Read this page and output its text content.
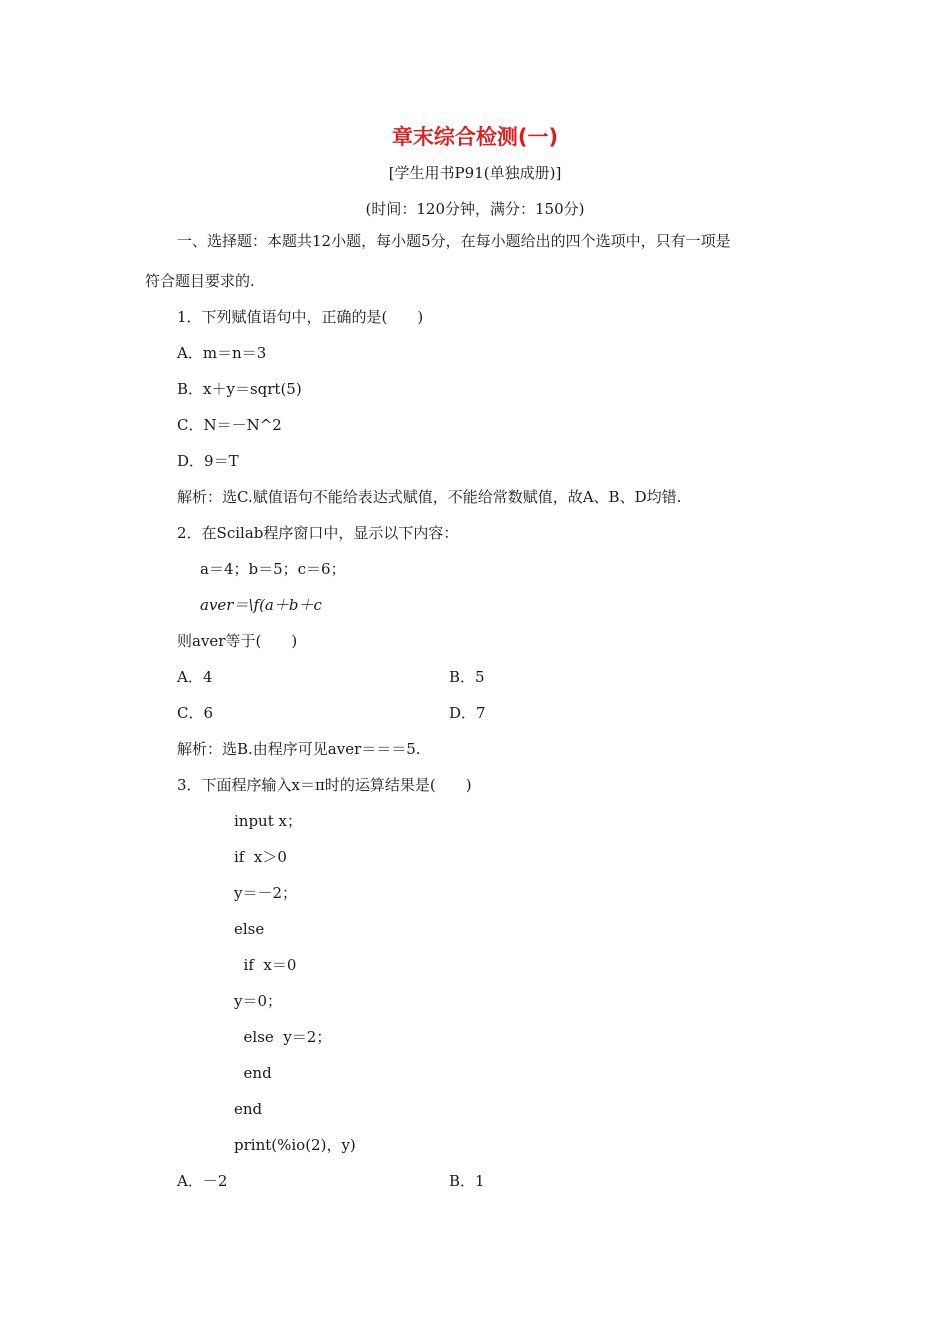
章末综合检测(一)
[学生用书P91(单独成册)]
(时间：120分钟，满分：150分)
一、选择题：本题共12小题，每小题5分，在每小题给出的四个选项中，只有一项是
符合题目要求的.
1．下列赋值语句中，正确的是(　　)
A．m＝n＝3
B．x＋y＝sqrt(5)
C．N＝－N^2
D．9＝T
解析：选C.赋值语句不能给表达式赋值，不能给常数赋值，故A、B、D均错.
2．在Scilab程序窗口中，显示以下内容：
a＝4；b＝5；c＝6；
aver＝\f(a＋b＋c
则aver等于(　　)
A．4	B．5
C．6	D．7
解析：选B.由程序可见aver＝＝＝5.
3．下面程序输入x＝π时的运算结果是(　　)
input x；
if  x＞0
y＝－2；
else
if  x＝0
y＝0；
else  y＝2；
end
end
print(%io(2)，y)
A．－2	B．1
